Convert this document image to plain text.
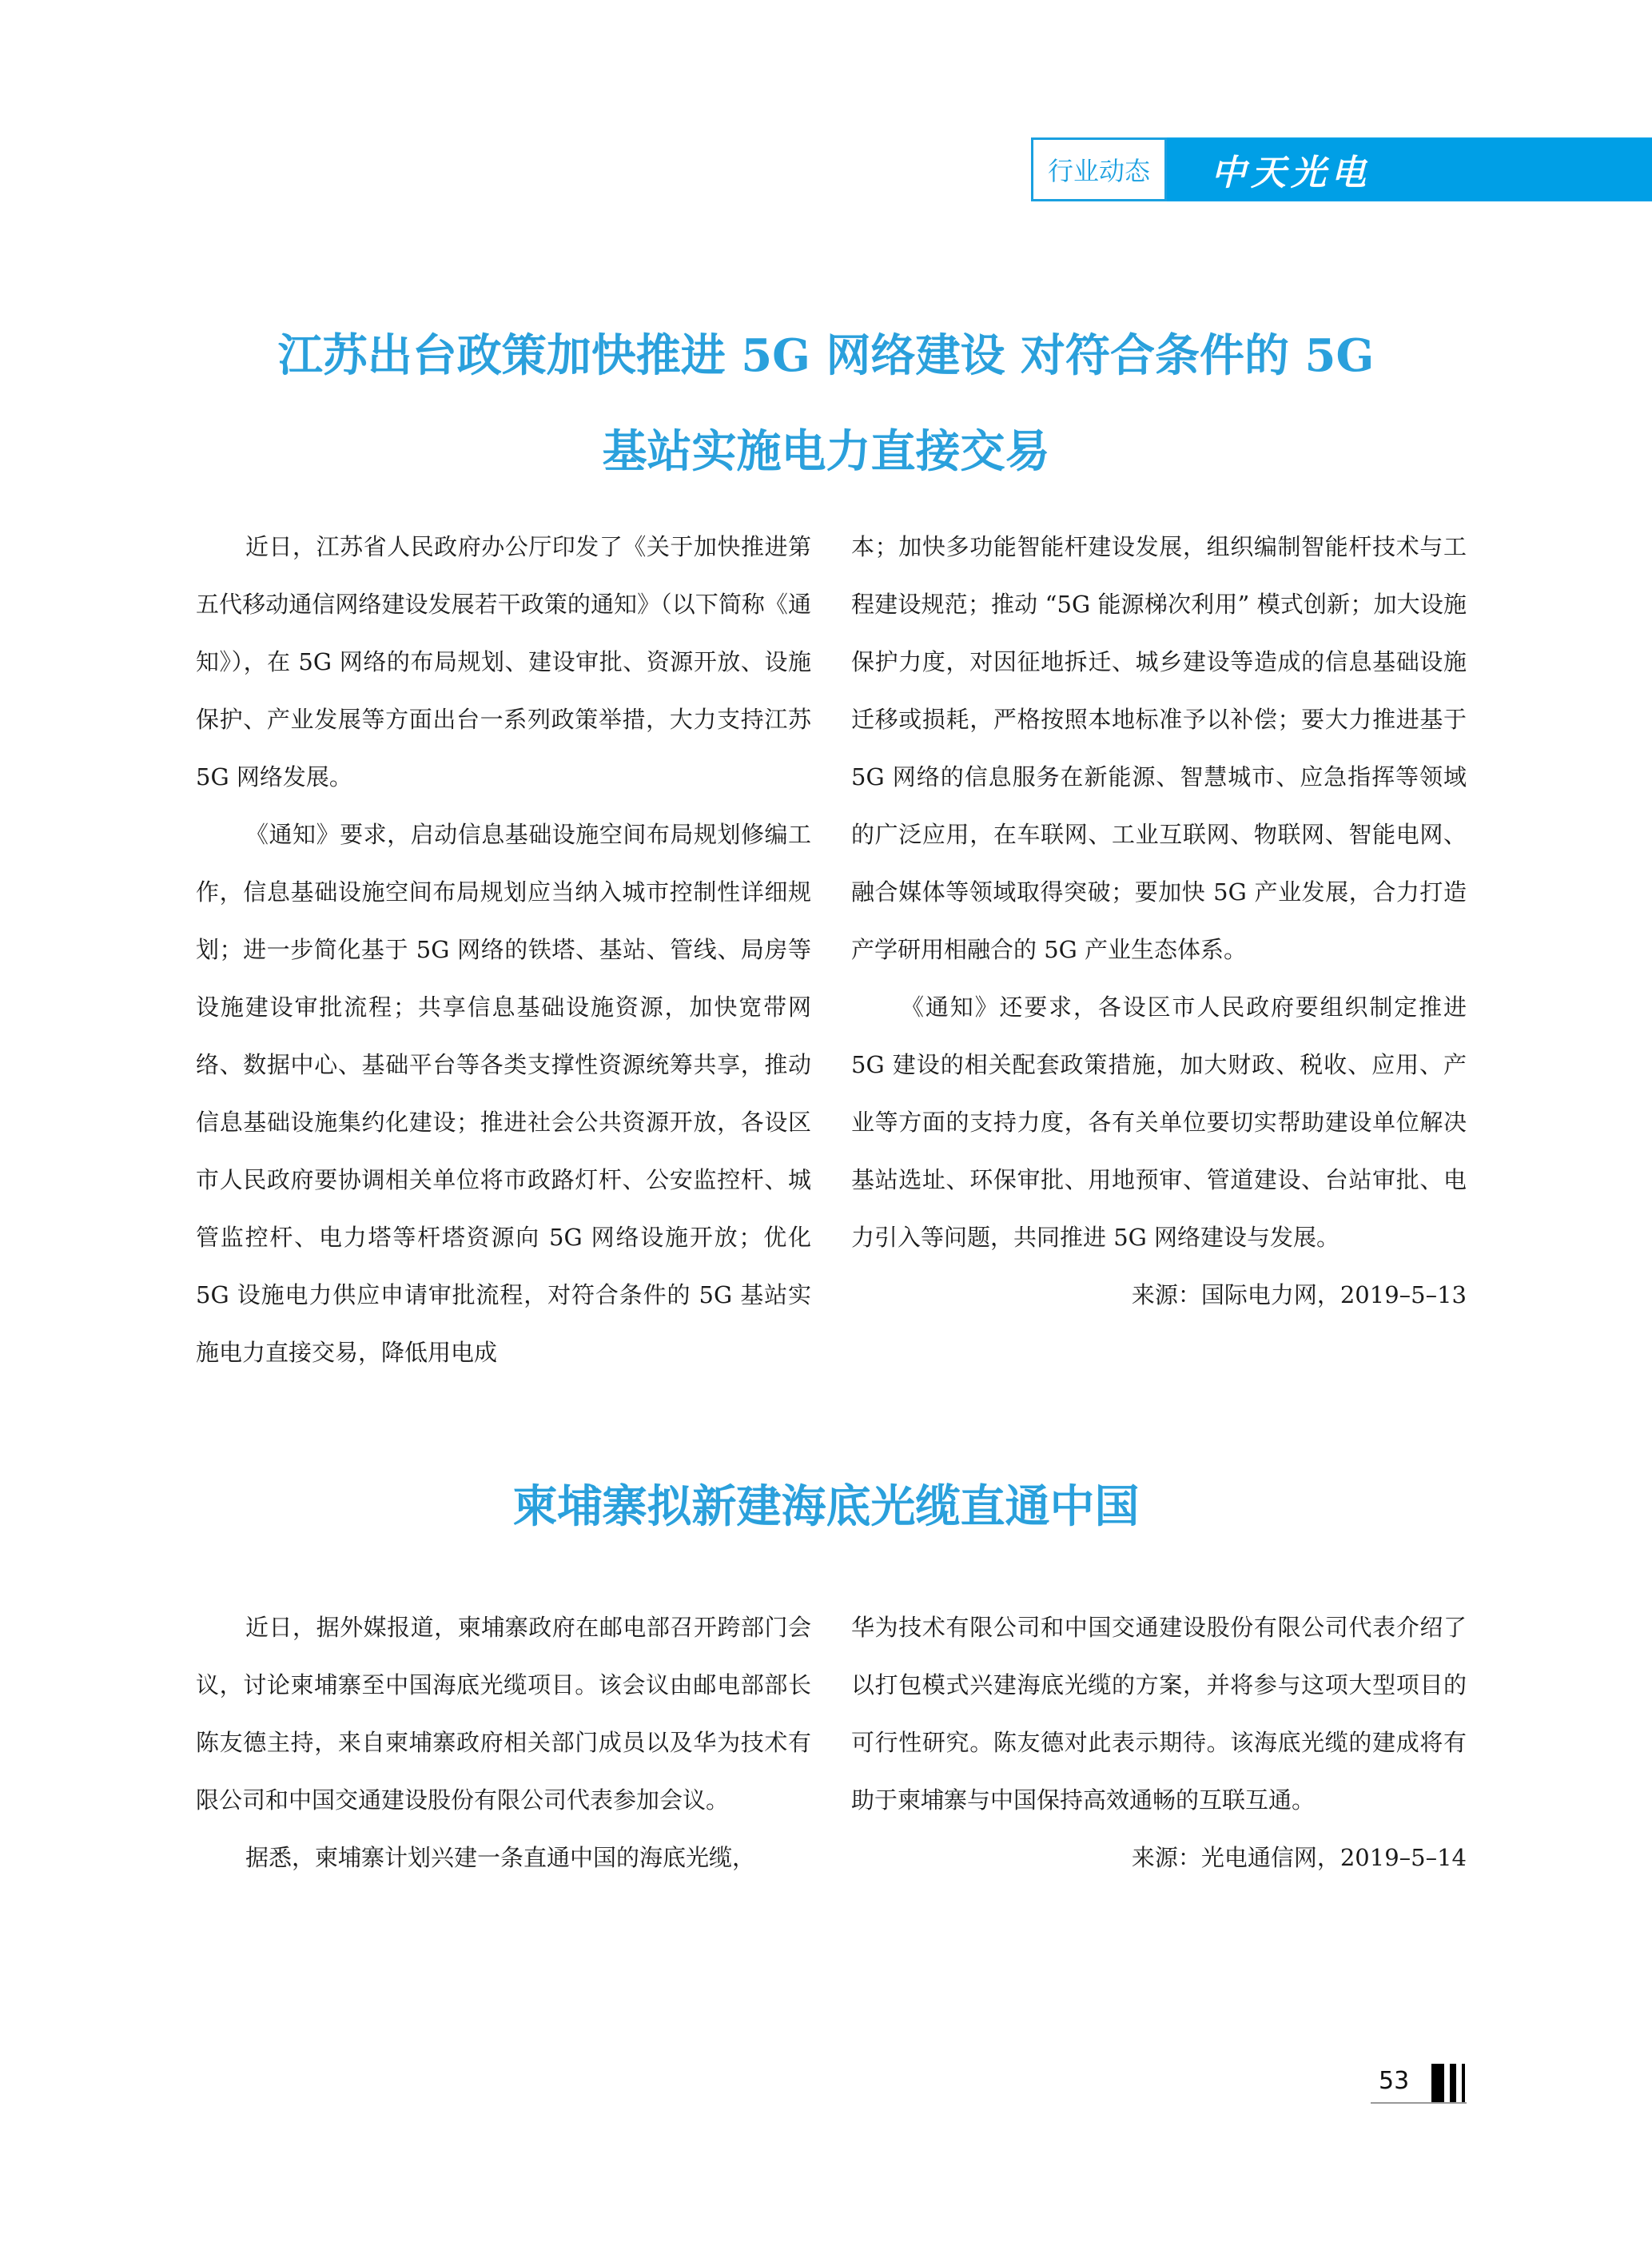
行业动态	中天光电
江苏出台政策加快推进 5G 网络建设 对符合条件的 5G
基站实施电力直接交易

近日，江苏省人民政府办公厅印发了《关于加快推进第五代移动通信网络建设发展若干政策的通知》（以下简称《通知》），在 5G 网络的布局规划、建设审批、资源开放、设施保护、产业发展等方面出台一系列政策举措，大力支持江苏 5G 网络发展。

《通知》要求，启动信息基础设施空间布局规划修编工作，信息基础设施空间布局规划应当纳入城市控制性详细规划；进一步简化基于 5G 网络的铁塔、基站、管线、局房等设施建设审批流程；共享信息基础设施资源，加快宽带网络、数据中心、基础平台等各类支撑性资源统筹共享，推动信息基础设施集约化建设；推进社会公共资源开放，各设区市人民政府要协调相关单位将市政路灯杆、公安监控杆、城管监控杆、电力塔等杆塔资源向 5G 网络设施开放；优化 5G 设施电力供应申请审批流程，对符合条件的 5G 基站实施电力直接交易，降低用电成

本；加快多功能智能杆建设发展，组织编制智能杆技术与工程建设规范；推动 “5G 能源梯次利用” 模式创新；加大设施保护力度，对因征地拆迁、城乡建设等造成的信息基础设施迁移或损耗，严格按照本地标准予以补偿；要大力推进基于 5G 网络的信息服务在新能源、智慧城市、应急指挥等领域的广泛应用，在车联网、工业互联网、物联网、智能电网、融合媒体等领域取得突破；要加快 5G 产业发展，合力打造产学研用相融合的 5G 产业生态体系。

《通知》还要求，各设区市人民政府要组织制定推进 5G 建设的相关配套政策措施，加大财政、税收、应用、产业等方面的支持力度，各有关单位要切实帮助建设单位解决基站选址、环保审批、用地预审、管道建设、台站审批、电力引入等问题，共同推进 5G 网络建设与发展。

来源：国际电力网，2019–5–13

柬埔寨拟新建海底光缆直通中国

近日，据外媒报道，柬埔寨政府在邮电部召开跨部门会议，讨论柬埔寨至中国海底光缆项目。该会议由邮电部部长陈友德主持，来自柬埔寨政府相关部门成员以及华为技术有限公司和中国交通建设股份有限公司代表参加会议。

据悉，柬埔寨计划兴建一条直通中国的海底光缆，

华为技术有限公司和中国交通建设股份有限公司代表介绍了以打包模式兴建海底光缆的方案，并将参与这项大型项目的可行性研究。陈友德对此表示期待。该海底光缆的建成将有助于柬埔寨与中国保持高效通畅的互联互通。

来源：光电通信网，2019–5–14

53
